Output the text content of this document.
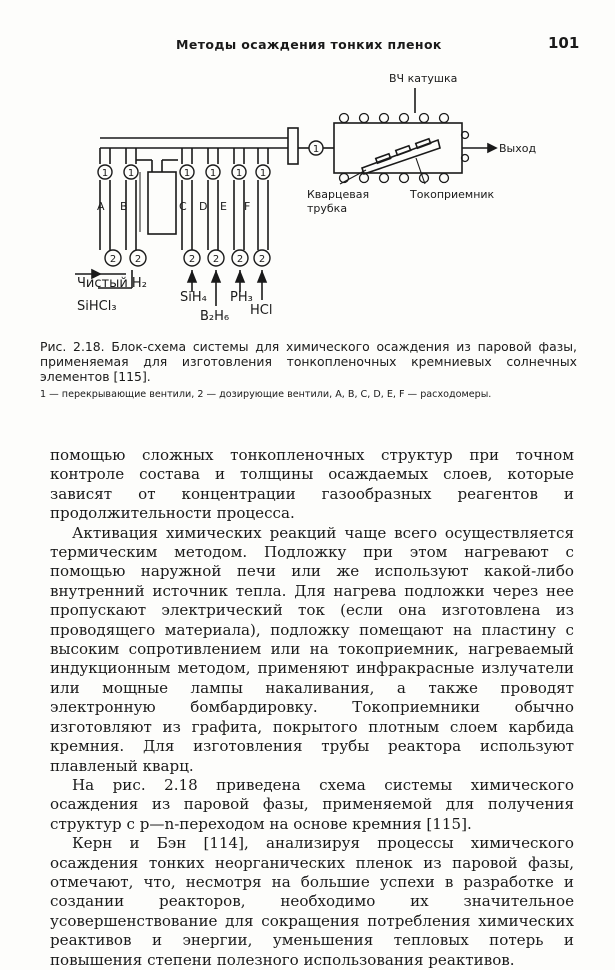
Методы осаждения тонких пленок	101
1
1 1	1 1 1 1
2 2	2 2 2 2
A B	C D E F
ВЧ катушка
Выход
Кварцевая
трубка
Токоприемник
Чистый H₂
SiHCl₃
SiH₄
B₂H₆
PH₃
HCl
Рис. 2.18. Блок-схема системы для химического осаждения из паровой фазы, применяемая для изготовления тонкопленочных кремниевых солнечных элементов [115].
1 — перекрывающие вентили, 2 — дозирующие вентили, A, B, C, D, E, F — расходомеры.

помощью сложных тонкопленочных структур при точном контроле состава и толщины осаждаемых слоев, которые зависят от концентрации газообразных реагентов и продолжительности процесса.

Активация химических реакций чаще всего осуществляется термическим методом. Подложку при этом нагревают с помощью наружной печи или же используют какой-либо внутренний источник тепла. Для нагрева подложки через нее пропускают электрический ток (если она изготовлена из проводящего материала), подложку помещают на пластину с высоким сопротивлением или на токоприемник, нагреваемый индукционным методом, применяют инфракрасные излучатели или мощные лампы накаливания, а также проводят электронную бомбардировку. Токоприемники обычно изготовляют из графита, покрытого плотным слоем карбида кремния. Для изготовления трубы реактора используют плавленый кварц.

На рис. 2.18 приведена схема системы химического осаждения из паровой фазы, применяемой для получения структур с p—n-переходом на основе кремния [115].

Керн и Бэн [114], анализируя процессы химического осаждения тонких неорганических пленок из паровой фазы, отмечают, что, несмотря на большие успехи в разработке и создании реакторов, необходимо их значительное усовершенствование для сокращения потребления химических реактивов и энергии, уменьшения тепловых потерь и повышения степени полезного использования реактивов.
